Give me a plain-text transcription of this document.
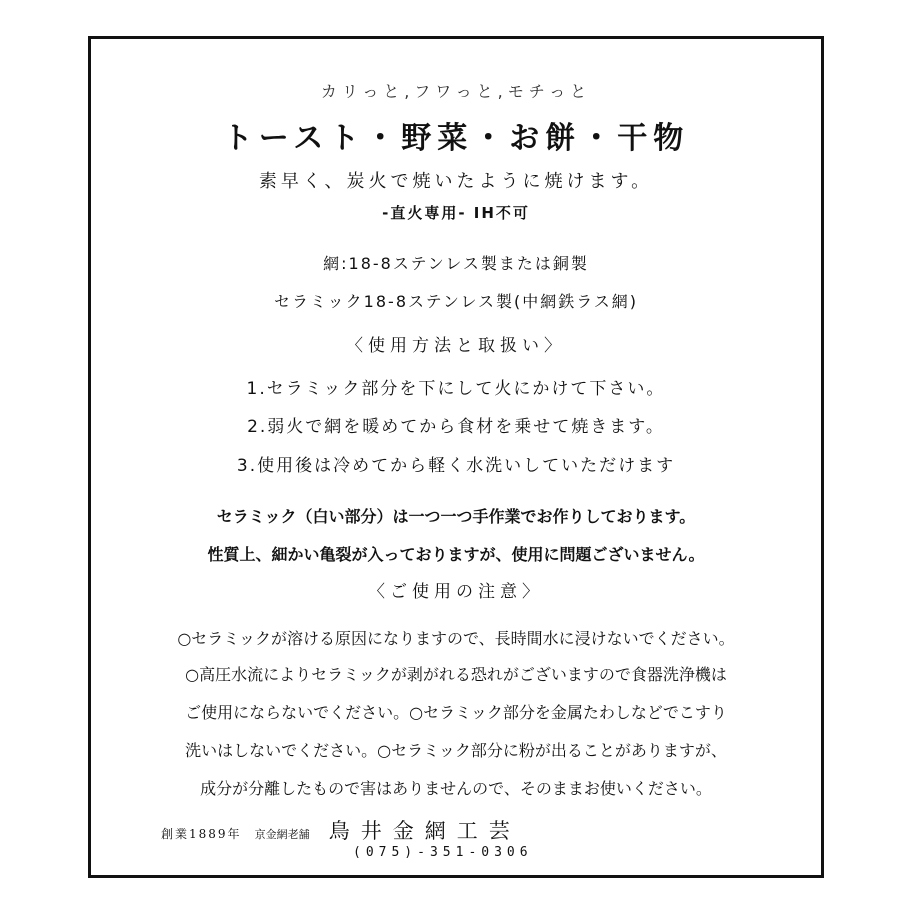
カリっと,フワっと,モチっと
トースト・野菜・お餅・干物
素早く、炭火で焼いたように焼けます。
-直火専用- IH不可
網:18-8ステンレス製または銅製
セラミック18-8ステンレス製(中網鉄ラス網)
〈使用方法と取扱い〉
1.セラミック部分を下にして火にかけて下さい。
2.弱火で網を暖めてから食材を乗せて焼きます。
3.使用後は冷めてから軽く水洗いしていただけます
セラミック（白い部分）は一つ一つ手作業でお作りしております。
性質上、細かい亀裂が入っておりますが、使用に問題ございません。
〈ご使用の注意〉
○セラミックが溶ける原因になりますので、長時間水に浸けないでください。
○高圧水流によりセラミックが剥がれる恐れがございますので食器洗浄機は
ご使用にならないでください。○セラミック部分を金属たわしなどでこすり
洗いはしないでください。○セラミック部分に粉が出ることがありますが、
成分が分離したもので害はありませんので、そのままお使いください。
創業1889年 京金網老舗 鳥井金網工芸
(075)-351-0306
